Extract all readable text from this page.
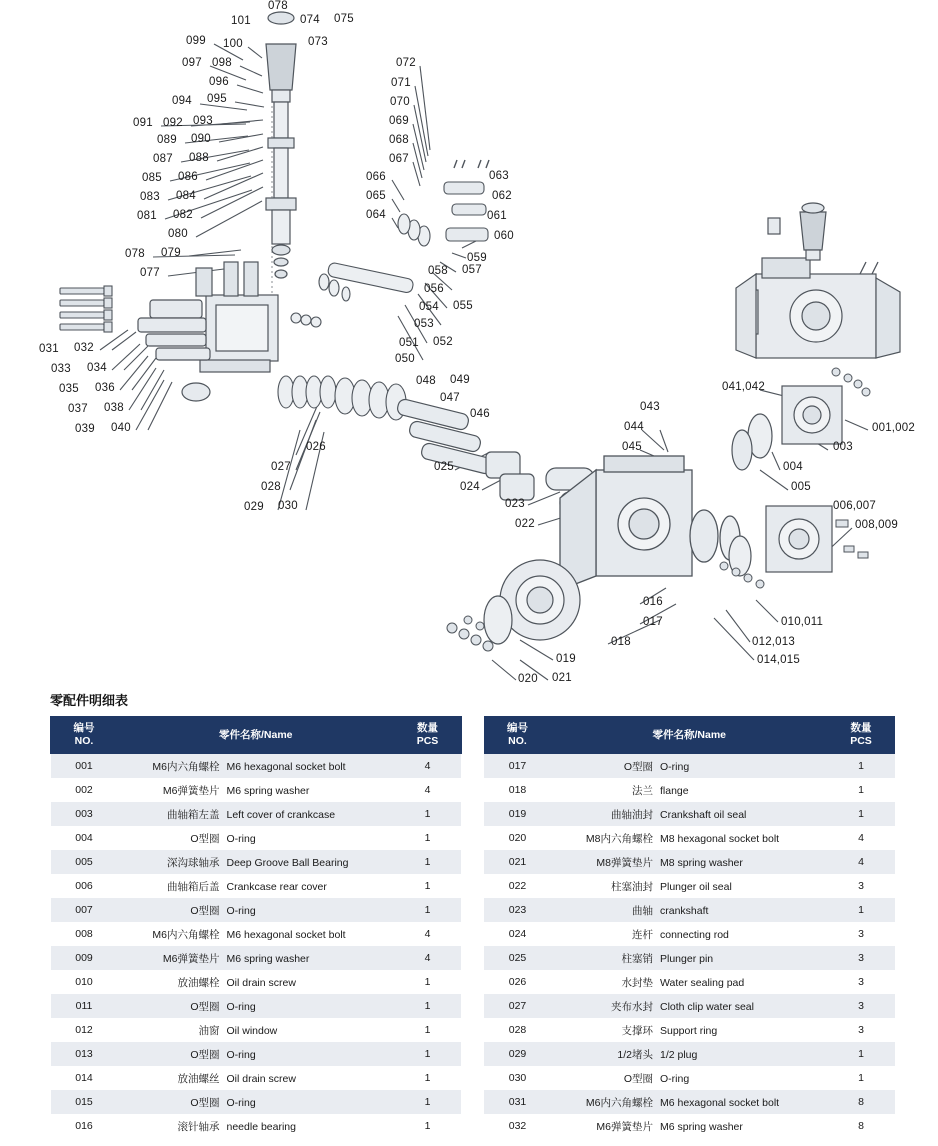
078
101	074 075
073
099 100
097 098
096
072
071
094 095	070
069
091 092 093
068
089 090
067
087 088
063
066
085 086
062
065
083 084
061
064
081 082
080	060
059
078 079
077	058 057
056
054 055
053
051 052
031 032
050
033 034
035 036
048 049
047
037 038
041,042
043
046
039 040	044	001,002
045
026	003
027	025	004
028	024	005
029 030	023	006,007
022	008,009
016
017	010,011
018	012,013
019	014,015
020 021
零配件明细表
编号
NO.	零件名称/Name	数量
PCS

001	M6内六角螺栓 M6 hexagonal socket bolt	4
002	M6弹簧垫片 M6 spring washer	4
003	曲轴箱左盖 Left cover of crankcase	1
004	O型圈 O-ring	1
005	深沟球轴承 Deep Groove Ball Bearing	1
006	曲轴箱后盖 Crankcase rear cover	1
007	O型圈 O-ring	1
008	M6内六角螺栓 M6 hexagonal socket bolt	4
009	M6弹簧垫片 M6 spring washer	4
010	放油螺栓 Oil drain screw	1
011	O型圈 O-ring	1
012	油窗 Oil window	1
013	O型圈 O-ring	1
014	放油螺丝 Oil drain screw	1
015	O型圈 O-ring	1
016	滚针轴承 needle bearing	1
编号
NO.	零件名称/Name	数量
PCS

017	O型圈 O-ring	1
018	法兰 flange	1
019	曲轴油封 Crankshaft oil seal	1
020	M8内六角螺栓 M8 hexagonal socket bolt	4
021	M8弹簧垫片 M8 spring washer	4
022	柱塞油封 Plunger oil seal	3
023	曲轴 crankshaft	1
024	连杆 connecting rod	3
025	柱塞销 Plunger pin	3
026	水封垫 Water sealing pad	3
027	夹布水封 Cloth clip water seal	3
028	支撑环 Support ring	3
029	1/2堵头 1/2 plug	1
030	O型圈 O-ring	1
031	M6内六角螺栓 M6 hexagonal socket bolt	8
032	M6弹簧垫片 M6 spring washer	8
